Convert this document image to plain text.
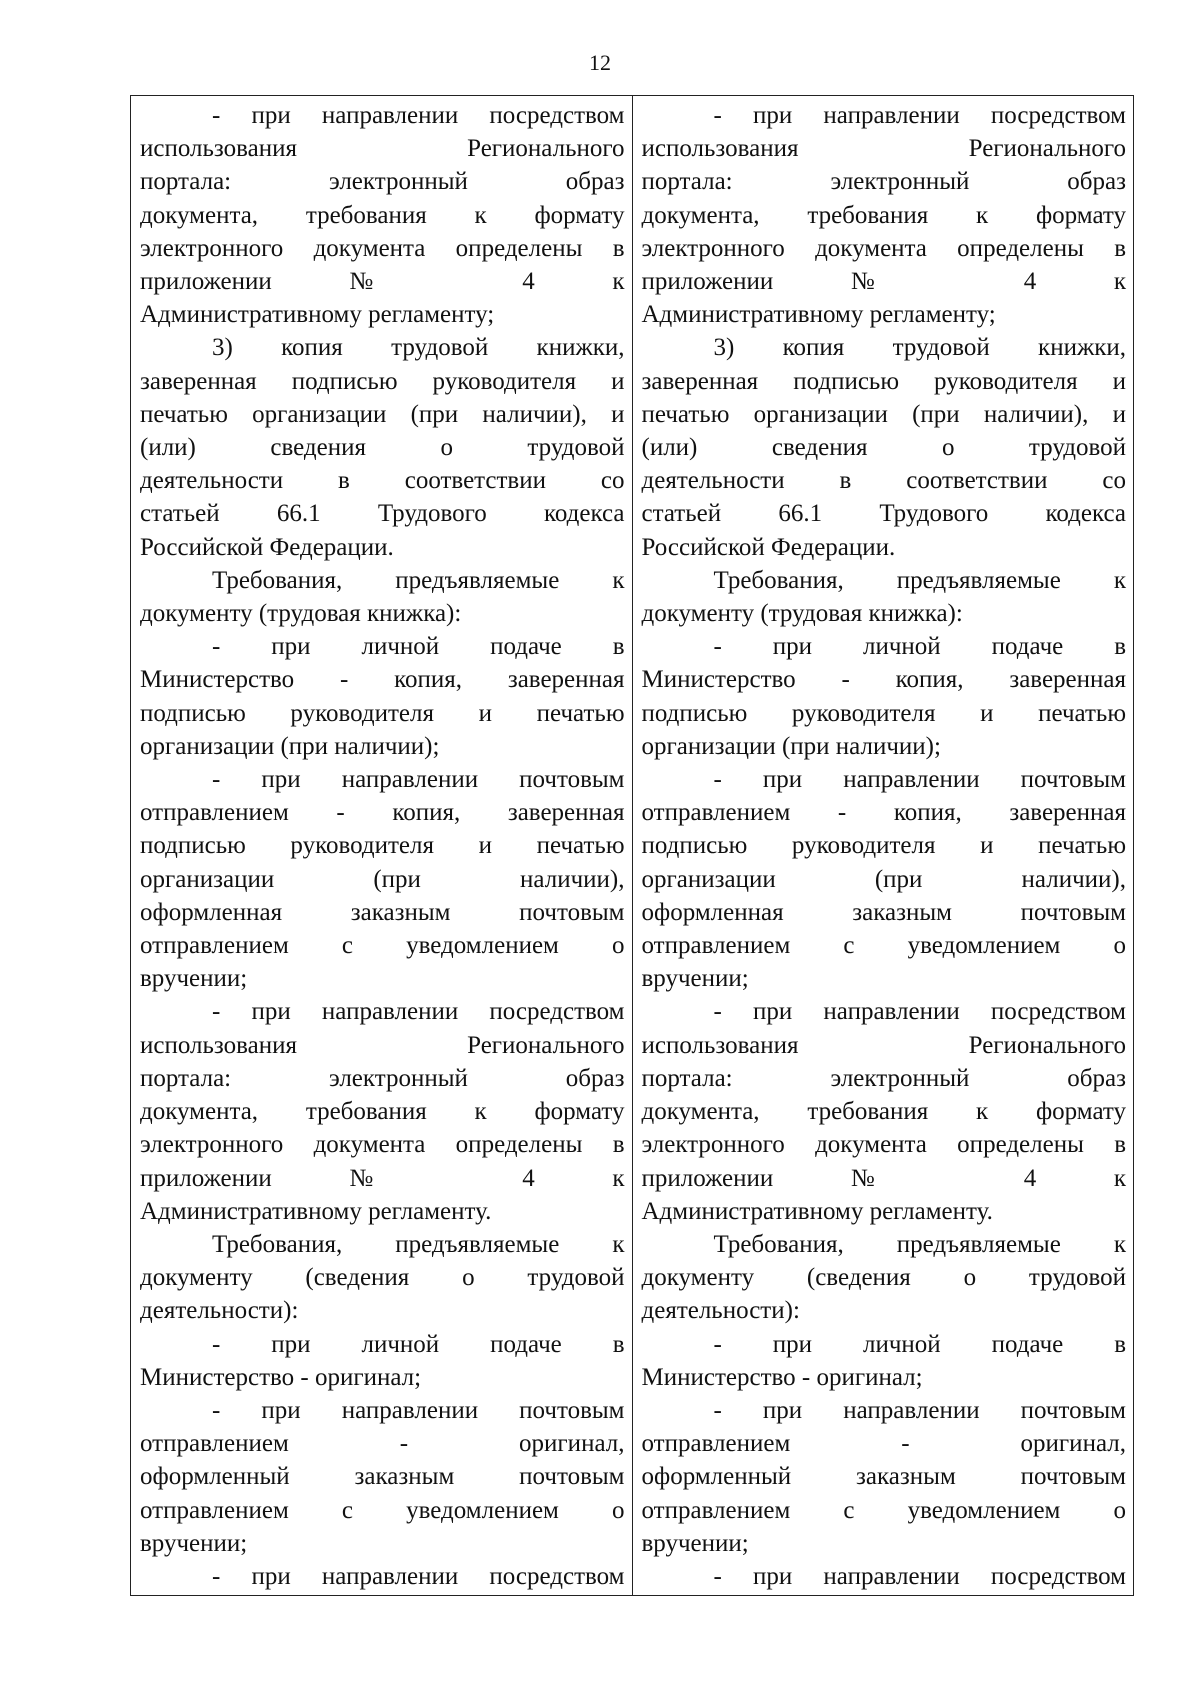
12

- при направлении посредством
использования Регионального
портала: электронный образ
документа, требования к формату
электронного документа определены в
приложении № 4 к
Административному регламенту;
3) копия трудовой книжки,
заверенная подписью руководителя и
печатью организации (при наличии), и
(или) сведения о трудовой
деятельности в соответствии со
статьей 66.1 Трудового кодекса
Российской Федерации.
Требования, предъявляемые к
документу (трудовая книжка):
- при личной подаче в
Министерство - копия, заверенная
подписью руководителя и печатью
организации (при наличии);
- при направлении почтовым
отправлением - копия, заверенная
подписью руководителя и печатью
организации (при наличии),
оформленная заказным почтовым
отправлением с уведомлением о
вручении;
- при направлении посредством
использования Регионального
портала: электронный образ
документа, требования к формату
электронного документа определены в
приложении № 4 к
Административному регламенту.
Требования, предъявляемые к
документу (сведения о трудовой
деятельности):
- при личной подаче в
Министерство - оригинал;
- при направлении почтовым
отправлением - оригинал,
оформленный заказным почтовым
отправлением с уведомлением о
вручении;
- при направлении посредством

- при направлении посредством
использования Регионального
портала: электронный образ
документа, требования к формату
электронного документа определены в
приложении № 4 к
Административному регламенту;
3) копия трудовой книжки,
заверенная подписью руководителя и
печатью организации (при наличии), и
(или) сведения о трудовой
деятельности в соответствии со
статьей 66.1 Трудового кодекса
Российской Федерации.
Требования, предъявляемые к
документу (трудовая книжка):
- при личной подаче в
Министерство - копия, заверенная
подписью руководителя и печатью
организации (при наличии);
- при направлении почтовым
отправлением - копия, заверенная
подписью руководителя и печатью
организации (при наличии),
оформленная заказным почтовым
отправлением с уведомлением о
вручении;
- при направлении посредством
использования Регионального
портала: электронный образ
документа, требования к формату
электронного документа определены в
приложении № 4 к
Административному регламенту.
Требования, предъявляемые к
документу (сведения о трудовой
деятельности):
- при личной подаче в
Министерство - оригинал;
- при направлении почтовым
отправлением - оригинал,
оформленный заказным почтовым
отправлением с уведомлением о
вручении;
- при направлении посредством
